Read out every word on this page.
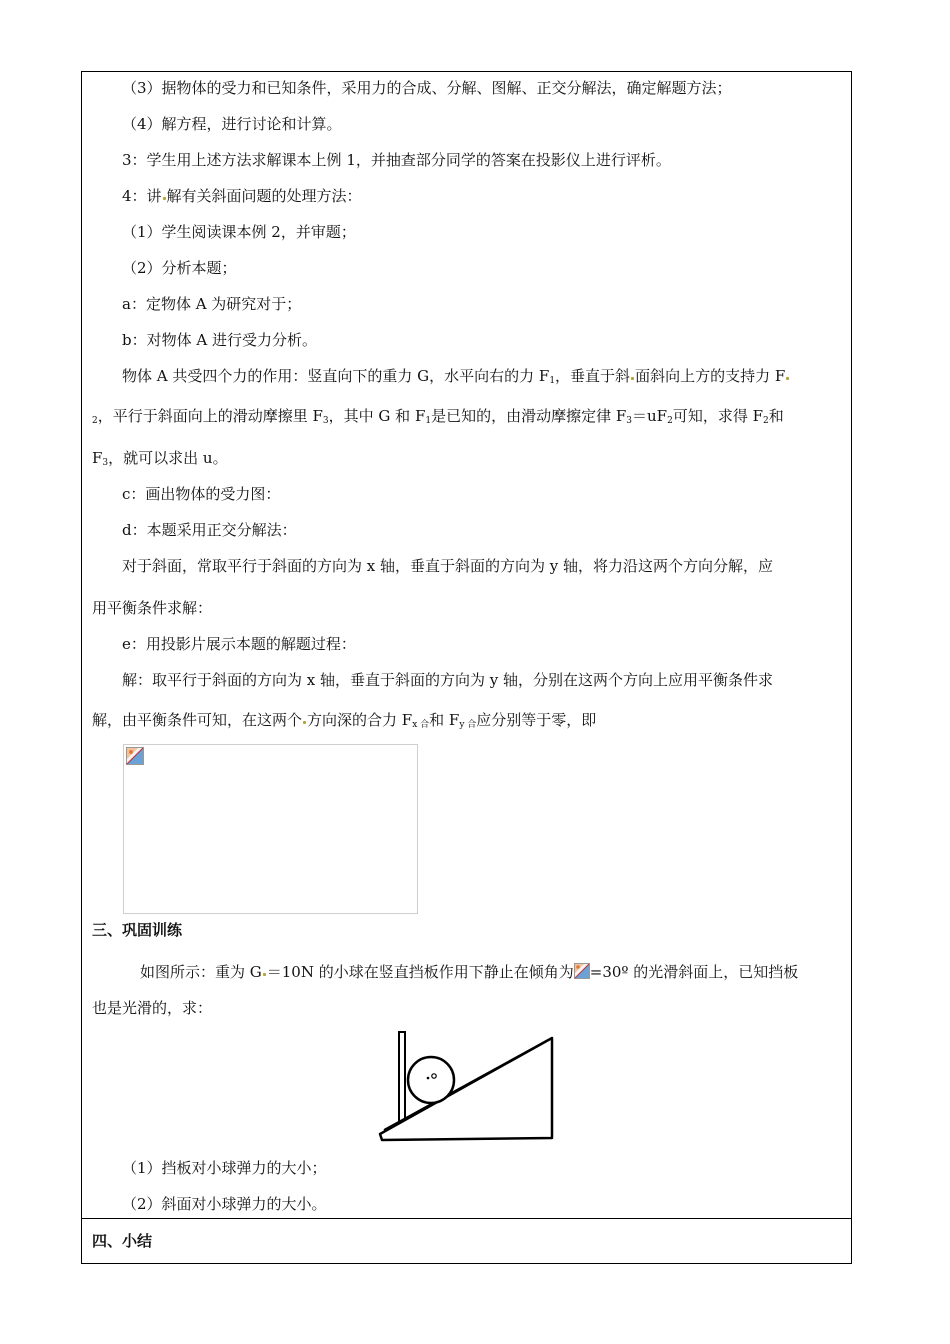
（3）据物体的受力和已知条件，采用力的合成、分解、图解、正交分解法，确定解题方法；
（4）解方程，进行讨论和计算。
3：学生用上述方法求解课本上例 1，并抽查部分同学的答案在投影仪上进行评析。
4：讲 解有关斜面问题的处理方法：
（1）学生阅读课本例 2，并审题；
（2）分析本题；
a：定物体 A 为研究对于；
b：对物体 A 进行受力分析。
物体 A 共受四个力的作用：竖直向下的重力 G，水平向右的力 $F_1$，垂直于斜 面斜向上方的支持力 F
$_2$，平行于斜面向上的滑动摩擦里 $F_3$，其中 G 和 $F_1$是已知的，由滑动摩擦定律 $F_3=uF_2$可知，求得 $F_2$和
$F_3$，就可以求出 u。
c：画出物体的受力图：
d：本题采用正交分解法：
对于斜面，常取平行于斜面的方向为 x 轴，垂直于斜面的方向为 y 轴，将力沿这两个方向分解，应
用平衡条件求解：
e：用投影片展示本题的解题过程：
解：取平行于斜面的方向为 x 轴，垂直于斜面的方向为 y 轴，分别在这两个方向上应用平衡条件求
解，由平衡条件可知，在这两个 方向深的合力 $F_{x 合}$和 $F_{y 合}$应分别等于零，即
三、巩固训练
如图所示：重为 G ＝10N 的小球在竖直挡板作用下静止在倾角为 =30º 的光滑斜面上，已知挡板
也是光滑的，求：
（1）挡板对小球弹力的大小；
（2）斜面对小球弹力的大小。
四、小结
